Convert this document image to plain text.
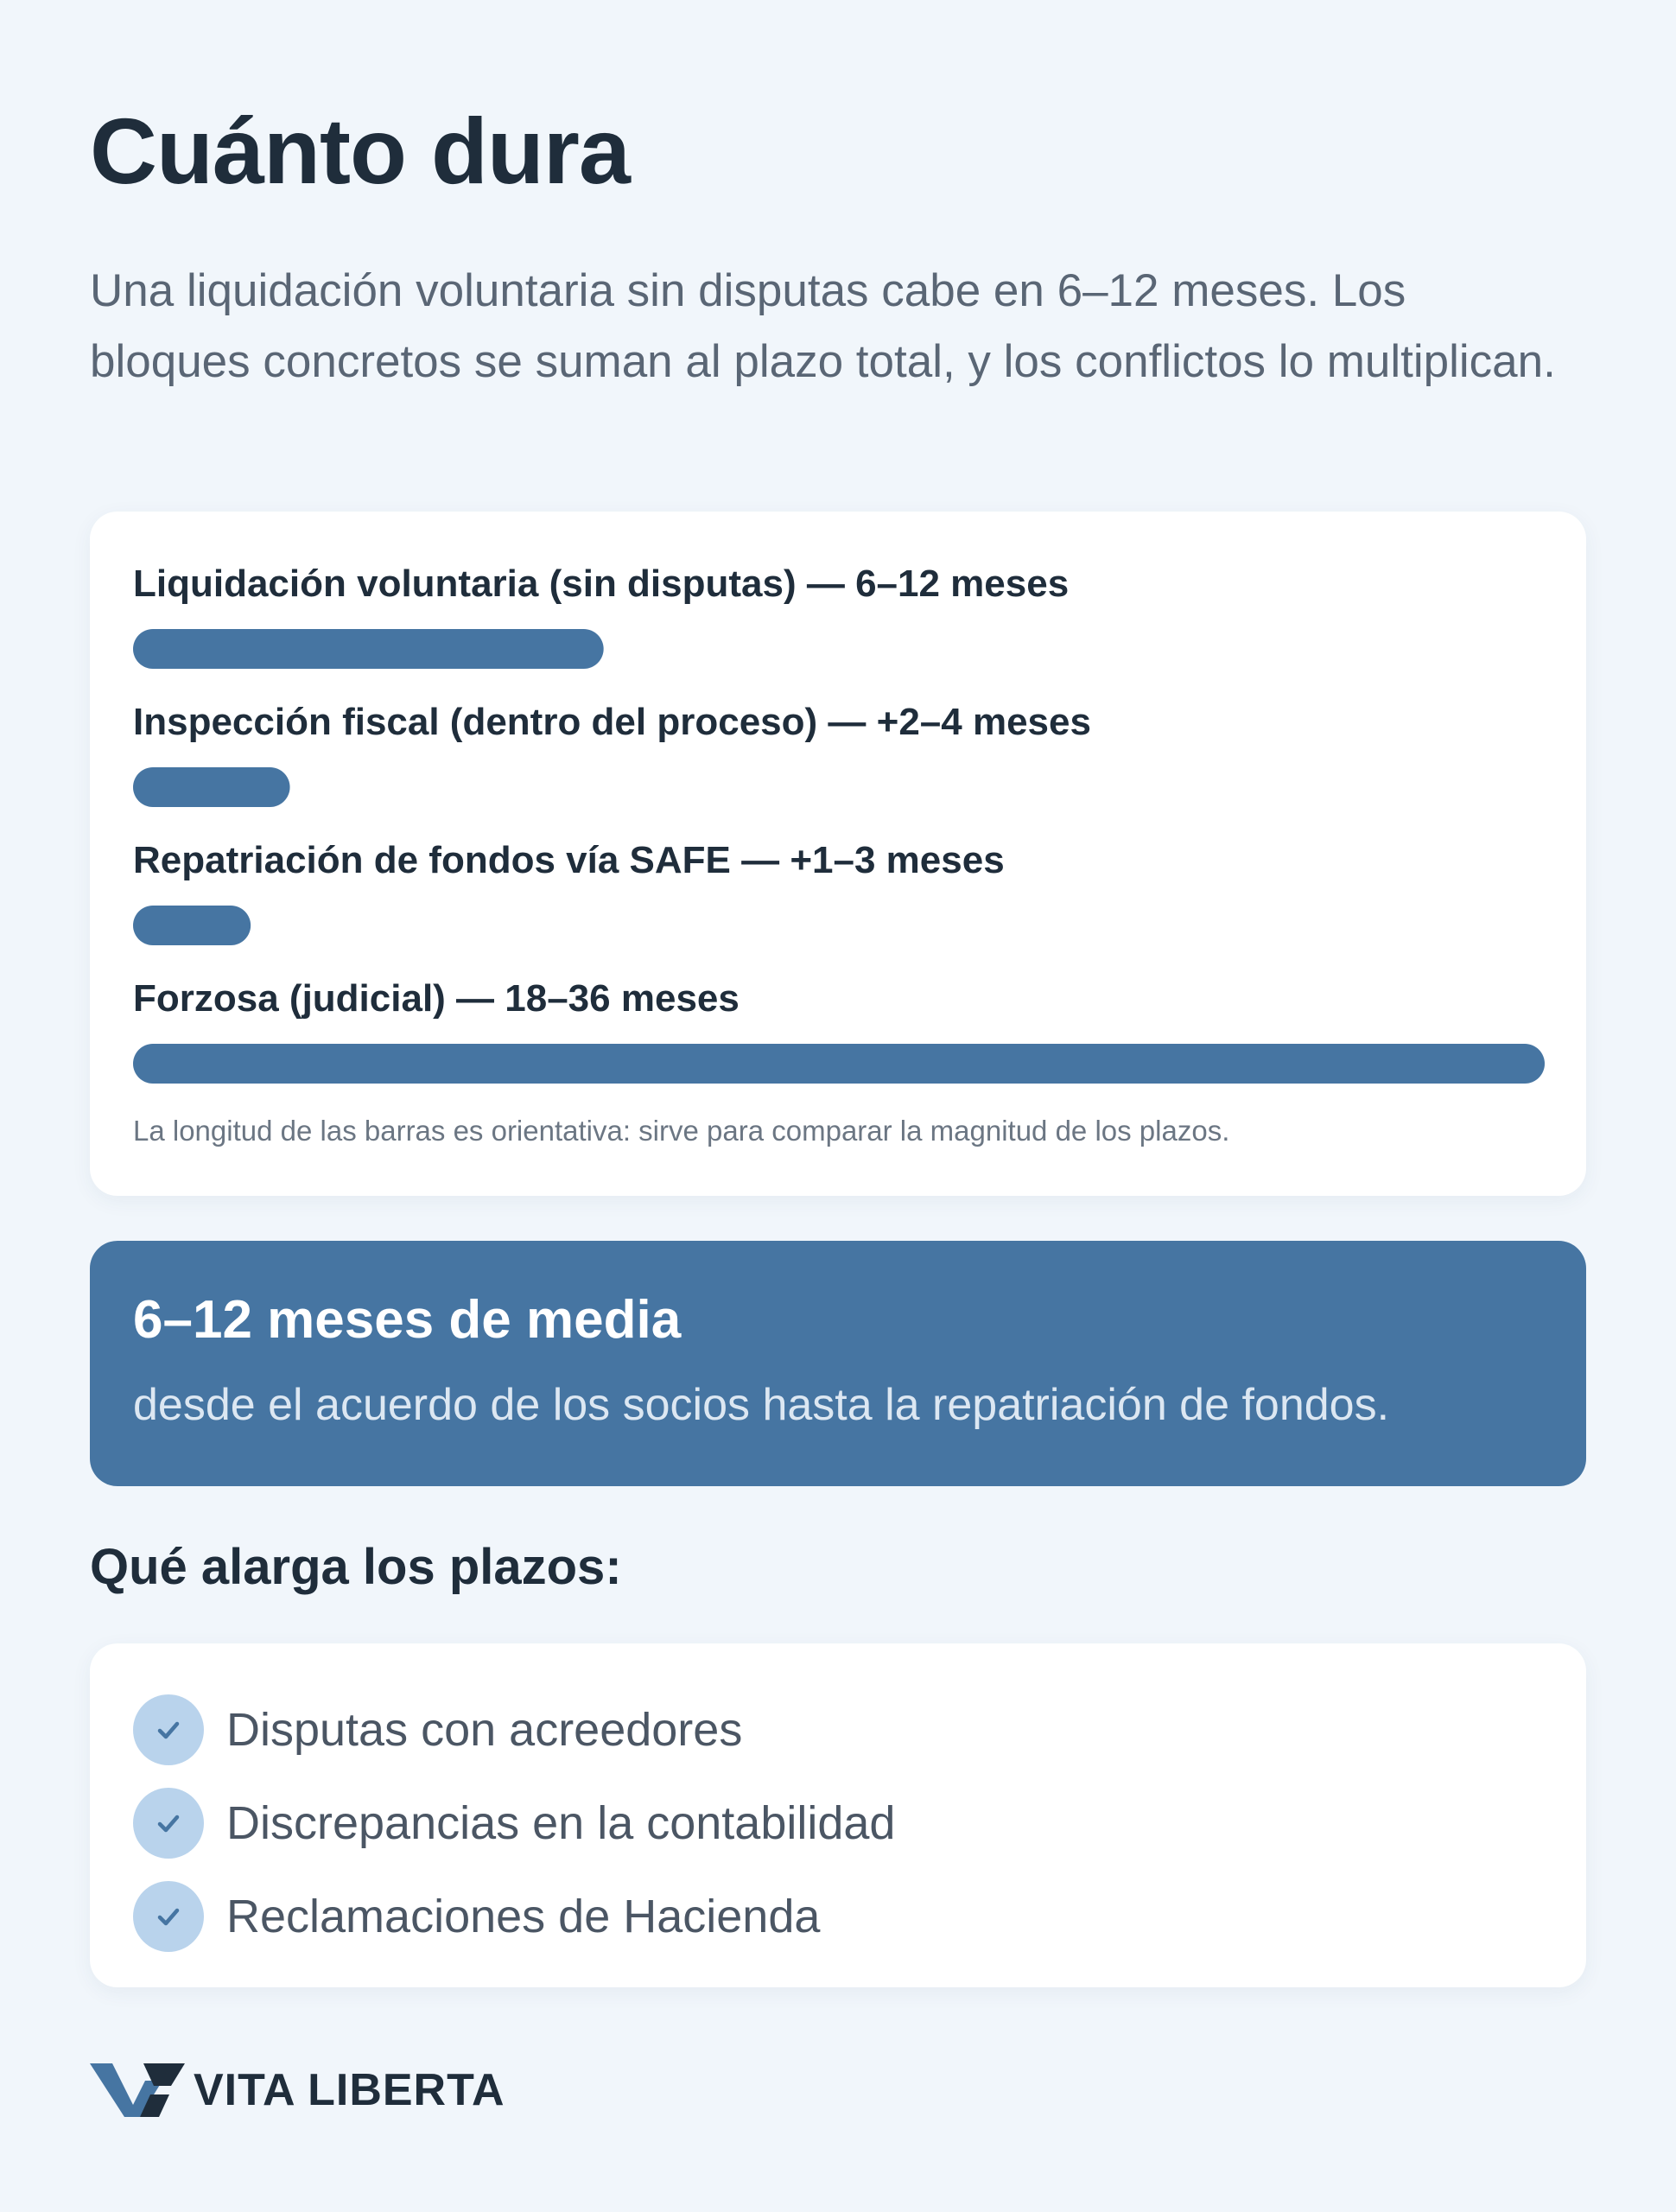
Cuánto dura

Una liquidación voluntaria sin disputas cabe en 6–12 meses. Los bloques concretos se suman al plazo total, y los conflictos lo multiplican.

Liquidación voluntaria (sin disputas) — 6–12 meses
Inspección fiscal (dentro del proceso) — +2–4 meses
Repatriación de fondos vía SAFE — +1–3 meses
Forzosa (judicial) — 18–36 meses
La longitud de las barras es orientativa: sirve para comparar la magnitud de los plazos.

6–12 meses de media

desde el acuerdo de los socios hasta la repatriación de fondos.

Qué alarga los plazos:
Disputas con acreedores
Discrepancias en la contabilidad
Reclamaciones de Hacienda
VITA LIBERTA
